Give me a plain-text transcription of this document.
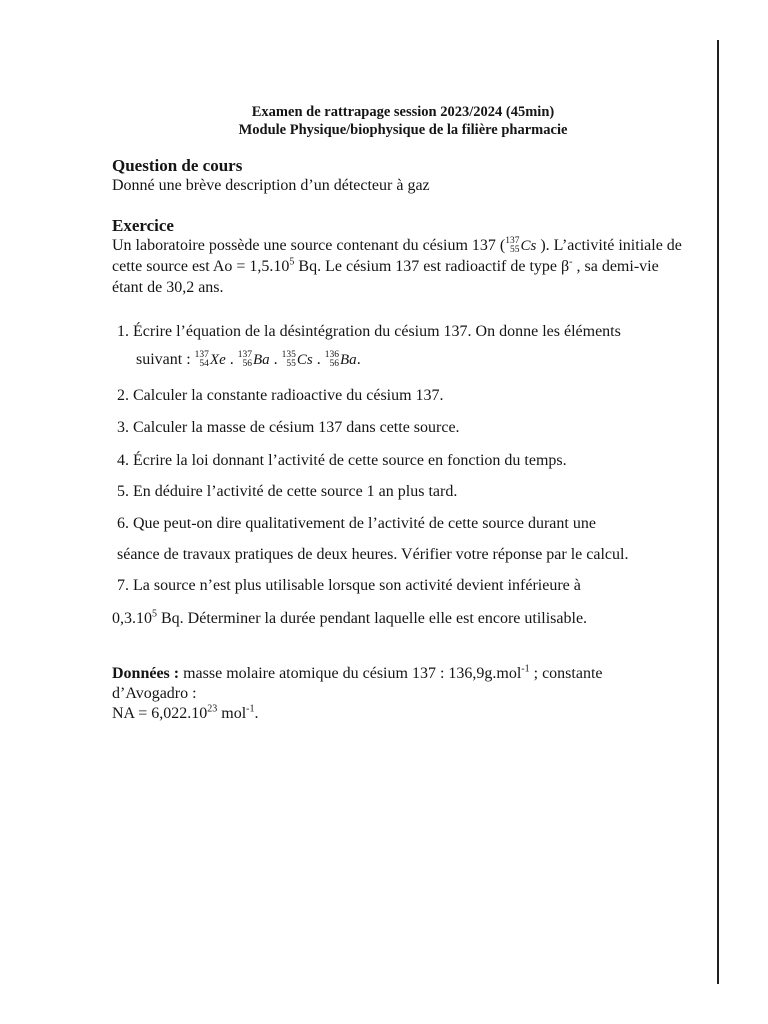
Examen de rattrapage session 2023/2024 (45min)
Module Physique/biophysique de la filière pharmacie

Question de cours

Donné une brève description d’un détecteur à gaz

Exercice

Un laboratoire possède une source contenant du césium 137 ( 137
55 Cs ). L’activité initiale de cette source est $Ao = 1,5.10^5$ Bq. Le césium 137 est radioactif de type β- , sa demi-vie étant de 30,2 ans.

1. Écrire l’équation de la désintégration du césium 137. On donne les éléments
suivant : 137
54 Xe . 137
56 Ba . 135
55 Cs . 136
56 Ba .
2. Calculer la constante radioactive du césium 137.
3. Calculer la masse de césium 137 dans cette source.
4. Écrire la loi donnant l’activité de cette source en fonction du temps.
5. En déduire l’activité de cette source 1 an plus tard.
6. Que peut-on dire qualitativement de l’activité de cette source durant une
séance de travaux pratiques de deux heures. Vérifier votre réponse par le calcul.
7. La source n’est plus utilisable lorsque son activité devient inférieure à
0,3.10$^5$ Bq. Déterminer la durée pendant laquelle elle est encore utilisable.
Données : masse molaire atomique du césium 137 : 136,9g.mol$^{-1}$ ; constante
d’Avogadro :
NA = $6,022.10^{23}$ mol$^{-1}$.
